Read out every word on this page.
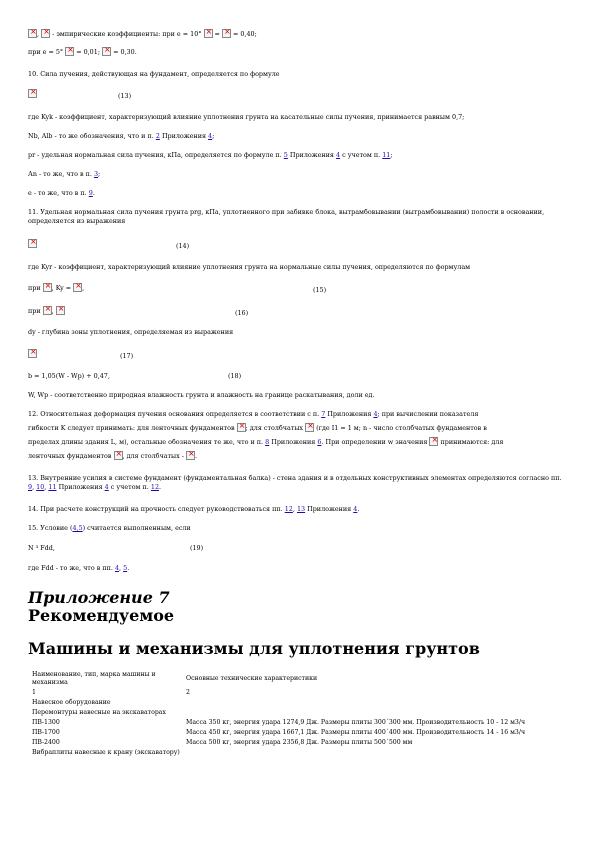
×, × - эмпирические коэффициенты: при e = 10° × = × = 0,40;
при e = 5° × = 0,01; × = 0,30.
10. Сила пучения, действующая на фундамент, определяется по формуле
×
(13)
где Kyk - коэффициент, характеризующий влияние уплотнения грунта на касательные силы пучения, принимается равным 0,7;
Nb, Alb - то же обозначения, что и п. 2 Приложения 4;
pr - удельная нормальная сила пучения, кПа, определяется по формуле п. 5 Приложения 4 с учетом п. 11;
Аn - то же, что в п. 3;
e - то же, что в п. 9.
11. Удельная нормальная сила пучения грунта prg, кПа, уплотненного при забивке блока, вытрамбовывании (вытрамбовывании) полости в основании, определяется из выражения
×
(14)
где Kyr - коэффициент, характеризующий влияние уплотнения грунта на нормальные силы пучения, определяются по формулам
при × , Ky = × ,	(15)
при × , ×	(16)
dy - глубина зоны уплотнения, определяемая из выражения
×
(17)
b = 1,05(W - Wp) + 0,47,	(18)
W, Wp - соответственно природная влажность грунта и влажность на границе раскатывания, доли ед.
12. Относительная деформация пучения основания определяется в соответствии с п. 7 Приложения 4; при вычислении показателя
гибкости K следует принимать: для ленточных фундаментов × ; для столбчатых × (где I1 = 1 м; n - число столбчатых фундаментов в
пределах длины здания L, м), остальные обозначения те же, что и п. 8 Приложения 6. При определении w значения × принимаются: для
ленточных фундаментов × , для столбчатых - × .
13. Внутренние усилия в системе фундамент (фундаментальная балка) - стена здания и в отдельных конструктивных элементах определяются согласно пп. 9, 10, 11 Приложения 4 с учетом п. 12.
14. При расчете конструкций на прочность следует руководствоваться пп. 12, 13 Приложения 4.
15. Условие (4,5) считается выполненным, если
N ³ Fdd,	(19)
где Fdd - то же, что в пп. 4, 5.
Приложение 7
Рекомендуемое
Машины и механизмы для уплотнения грунтов
Наименование, тип, марка машины и механизма	Основные технические характеристики
1	2
Навесное оборудование	
Перемонтуры навесные на экскаваторах	
ПВ-1300	Масса 350 кг, энергия удара 1274,9 Дж. Размеры плиты 300´300 мм. Производительность 10 - 12 м3/ч
ПВ-1700	Масса 450 кг, энергия удара 1667,1 Дж. Размеры плиты 400´400 мм. Производительность 14 - 16 м3/ч
ПВ-2400	Масса 500 кг, энергия удара 2356,8 Дж. Размеры плиты 500´500 мм
Вибраплиты навесные к крану (экскаватору)	
